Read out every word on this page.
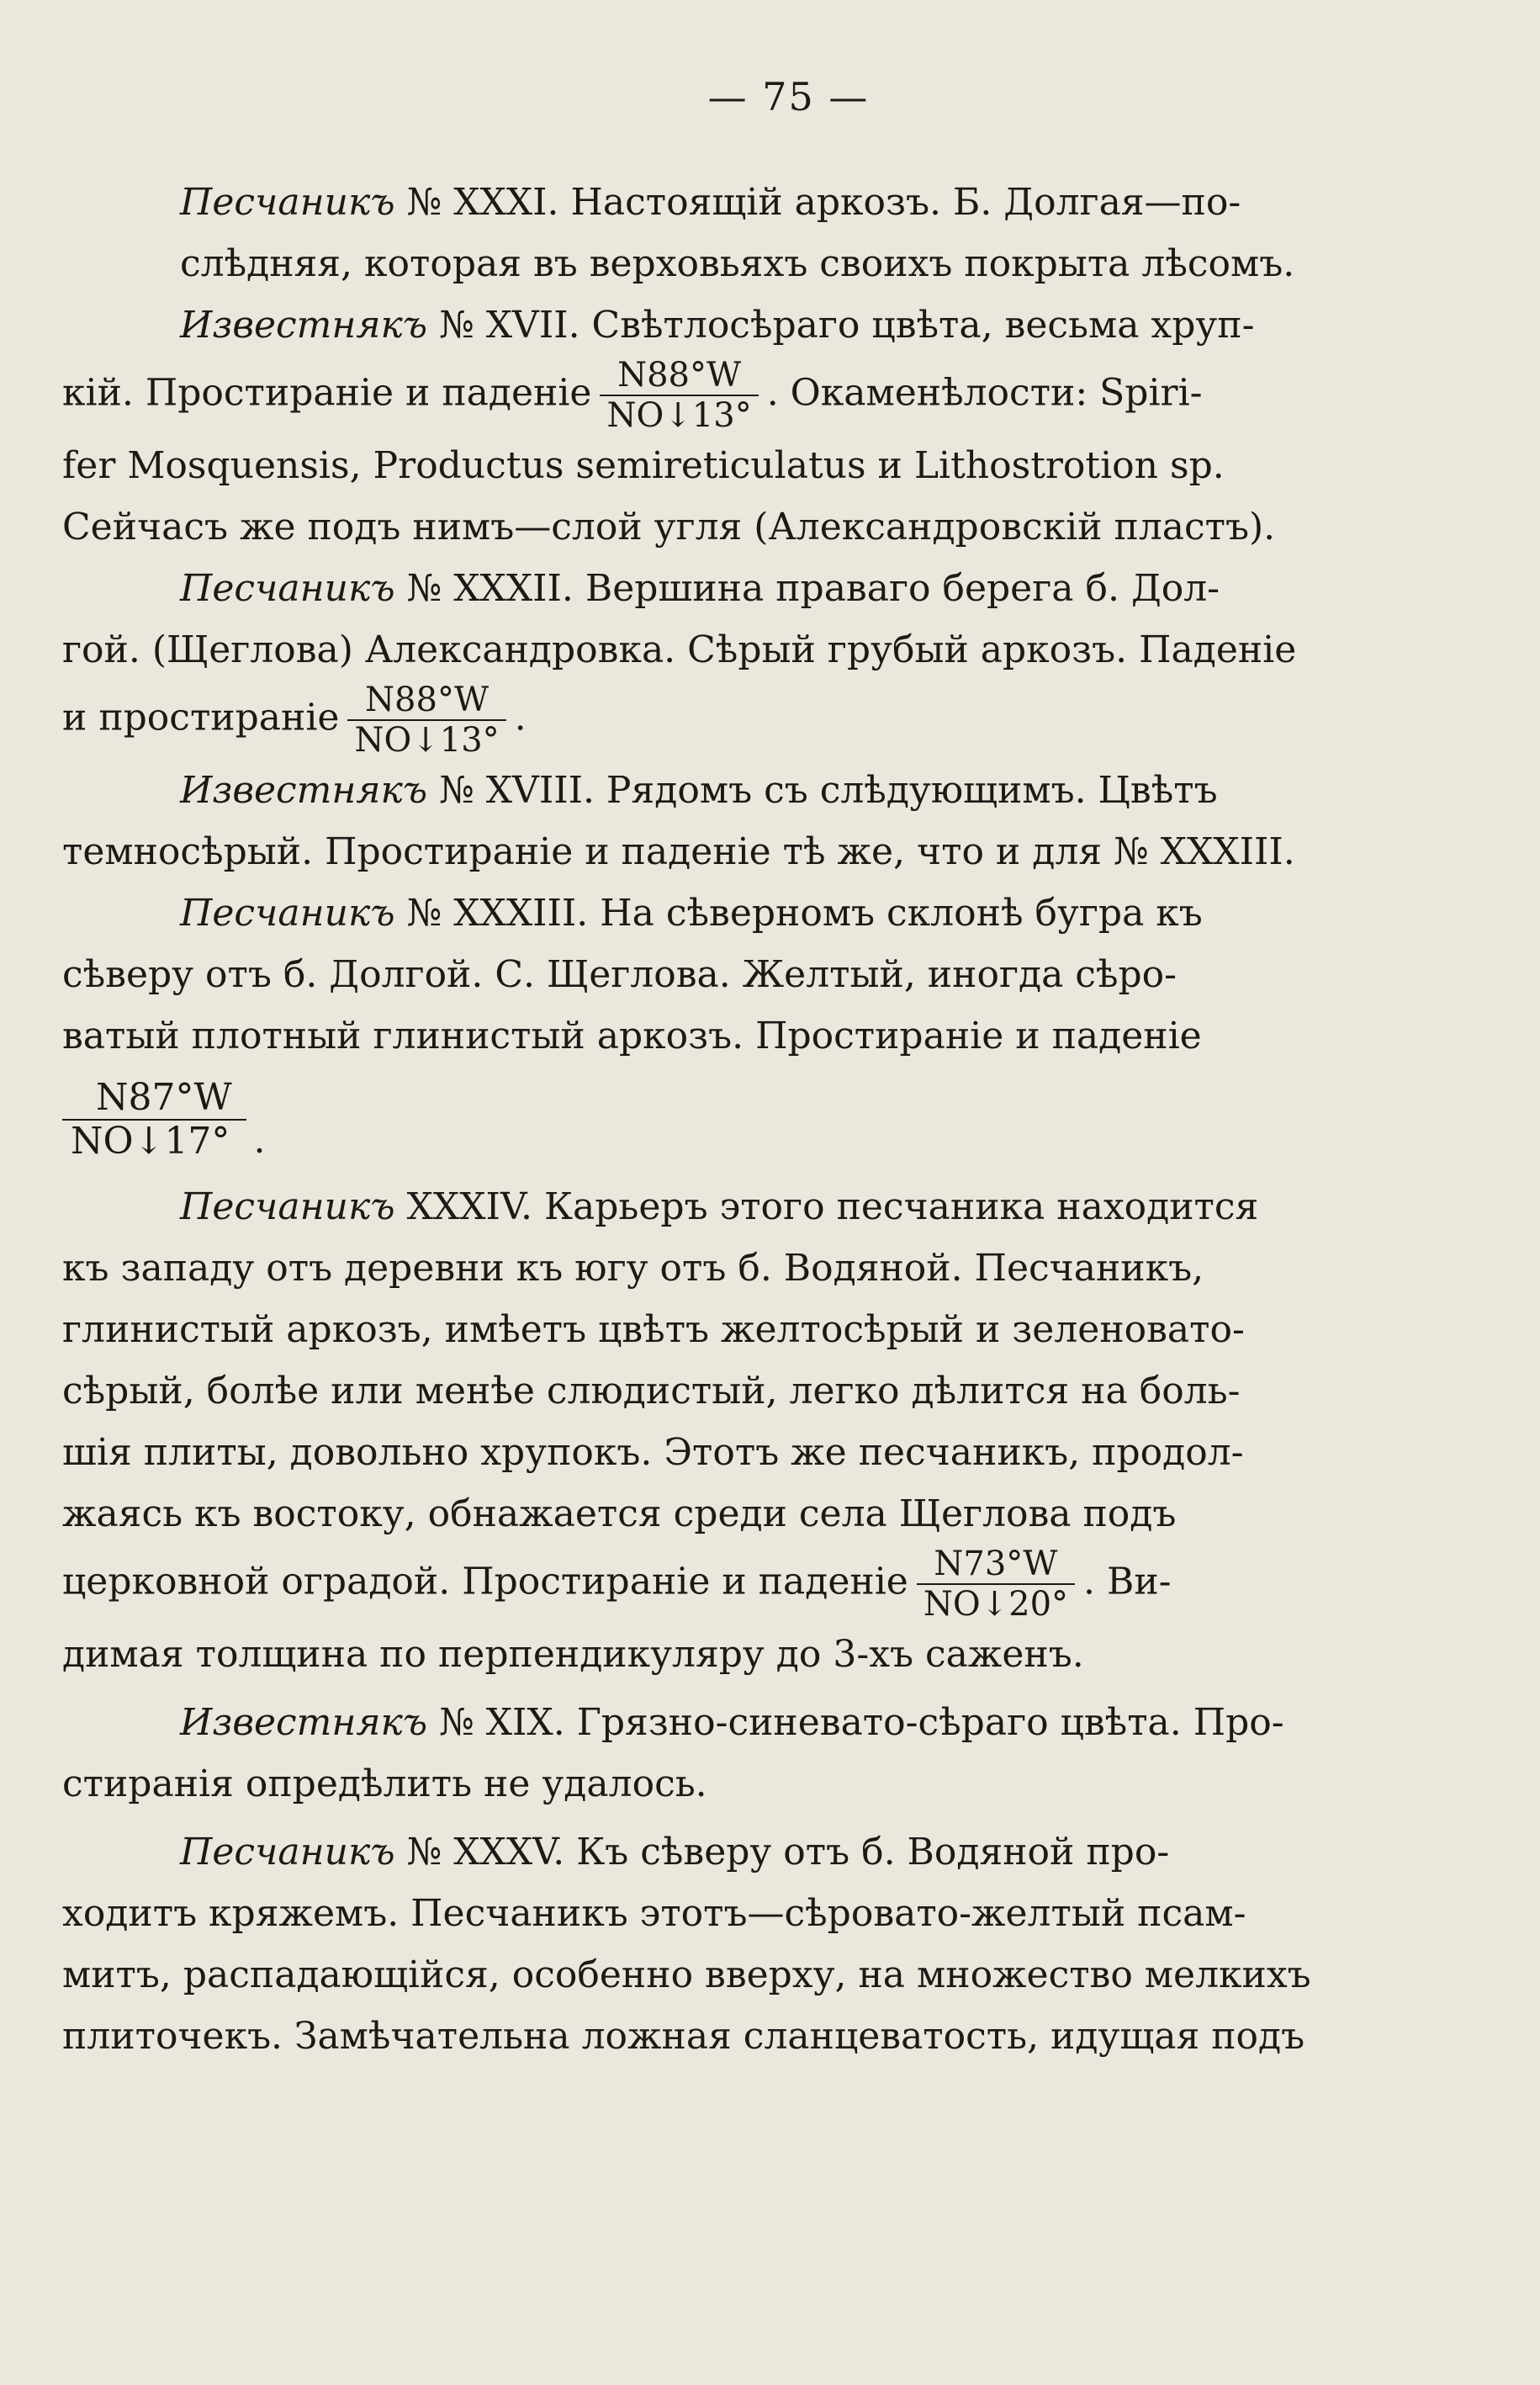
— 75 —

Песчаникъ № XXXI. Настоящій аркозъ. Б. Долгая—по-
слѣдняя, которая въ верховьяхъ своихъ покрыта лѣсомъ.

Известнякъ № XVII. Свѣтлосѣраго цвѣта, весьма хруп-
кій. Простираніе и паденіе $\frac{N88^\circ W}{NO↓13^\circ}$ . Окаменѣлости: Spiri-
fer Mosquensis, Productus semireticulatus и Lithostrotion sp.
Сейчасъ же подъ нимъ—слой угля (Александровскій пластъ).

Песчаникъ № XXXII. Вершина праваго берега б. Дол-
гой. (Щеглова) Александровка. Сѣрый грубый аркозъ. Паденіе
и простираніе $\frac{N88^\circ W}{NO↓13^\circ}$ .

Известнякъ № XVIII. Рядомъ съ слѣдующимъ. Цвѣтъ
темносѣрый. Простираніе и паденіе тѣ же, что и для № XXXIII.

Песчаникъ № XXXIII. На сѣверномъ склонѣ бугра къ
сѣверу отъ б. Долгой. С. Щеглова. Желтый, иногда сѣро-
ватый плотный глинистый аркозъ. Простираніе и паденіе
$\frac{N87^\circ W}{NO↓17^\circ}$ .

Песчаникъ XXXIV. Карьеръ этого песчаника находится
къ западу отъ деревни къ югу отъ б. Водяной. Песчаникъ,
глинистый аркозъ, имѣетъ цвѣтъ желтосѣрый и зеленовато-
сѣрый, болѣе или менѣе слюдистый, легко дѣлится на боль-
шія плиты, довольно хрупокъ. Этотъ же песчаникъ, продол-
жаясь къ востоку, обнажается среди села Щеглова подъ
церковной оградой. Простираніе и паденіе $\frac{N73^\circ W}{NO↓20^\circ}$ . Ви-
димая толщина по перпендикуляру до 3-хъ саженъ.

Известнякъ № XIX. Грязно-синевато-сѣраго цвѣта. Про-
стиранія опредѣлить не удалось.

Песчаникъ № XXXV. Къ сѣверу отъ б. Водяной про-
ходитъ кряжемъ. Песчаникъ этотъ—сѣровато-желтый псам-
митъ, распадающійся, особенно вверху, на множество мелкихъ
плиточекъ. Замѣчательна ложная сланцеватость, идущая подъ
